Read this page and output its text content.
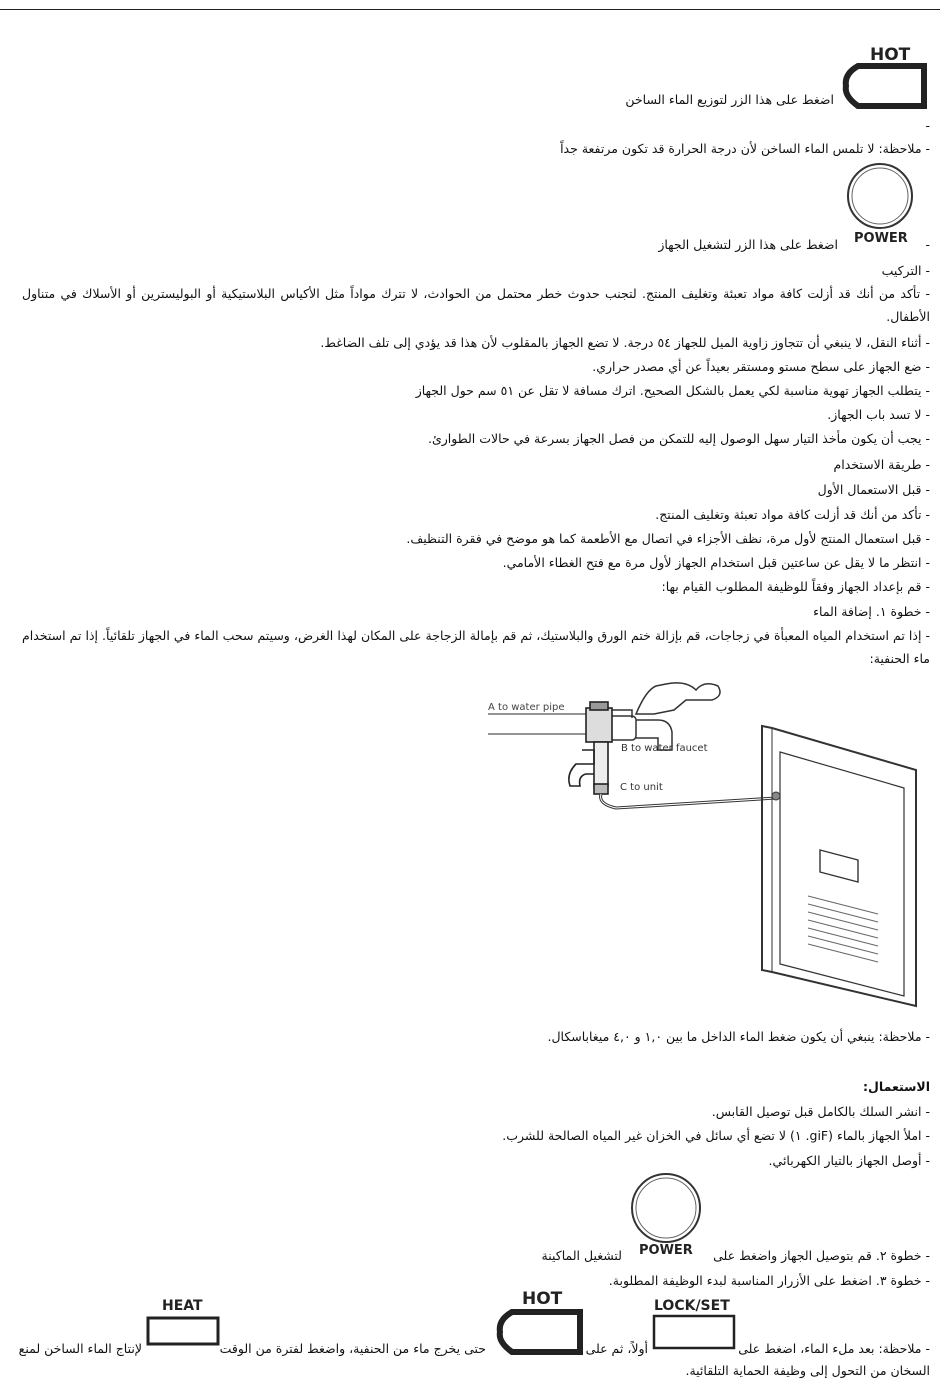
HOT
اضغط على هذا الزر لتوزيع الماء الساخن
-
- ملاحظة: لا تلمس الماء الساخن لأن درجة الحرارة قد تكون مرتفعة جداً
POWER -
اضغط على هذا الزر لتشغيل الجهاز
- التركيب
- تأكد من أنك قد أزلت كافة مواد تعبئة وتغليف المنتج. لتجنب حدوث خطر محتمل من الحوادث، لا تترك مواداً مثل الأكياس البلاستيكية أو البوليسترين أو الأسلاك في متناول الأطفال.
- أثناء النقل، لا ينبغي أن تتجاوز زاوية الميل للجهاز ٥٤ درجة. لا تضع الجهاز بالمقلوب لأن هذا قد يؤدي إلى تلف الضاغط.
- ضع الجهاز على سطح مستو ومستقر بعيداً عن أي مصدر حراري.
- يتطلب الجهاز تهوية مناسبة لكي يعمل بالشكل الصحيح. اترك مسافة لا تقل عن ٥١ سم حول الجهاز
- لا تسد باب الجهاز.
- يجب أن يكون مأخذ التيار سهل الوصول إليه للتمكن من فصل الجهاز بسرعة في حالات الطوارئ.
- طريقة الاستخدام
- قبل الاستعمال الأول
- تأكد من أنك قد أزلت كافة مواد تعبئة وتغليف المنتج.
- قبل استعمال المنتج لأول مرة، نظف الأجزاء في اتصال مع الأطعمة كما هو موضح في فقرة التنظيف.
- انتظر ما لا يقل عن ساعتين قبل استخدام الجهاز لأول مرة مع فتح الغطاء الأمامي.
- قم بإعداد الجهاز وفقاً للوظيفة المطلوب القيام بها:
- خطوة ١. إضافة الماء
- إذا تم استخدام المياه المعبأة في زجاجات، قم بإزالة ختم الورق والبلاستيك، ثم قم بإمالة الزجاجة على المكان لهذا الغرض، وسيتم سحب الماء في الجهاز تلقائياً. إذا تم استخدام ماء الحنفية:
A to water pipe
B to water faucet
C to unit
- ملاحظة: ينبغي أن يكون ضغط الماء الداخل ما بين ١,٠ و ٤,٠ ميغاباسكال.
الاستعمال:
- انشر السلك بالكامل قبل توصيل القابس.
- املأ الجهاز بالماء (giF. ١) لا تضع أي سائل في الخزان غير المياه الصالحة للشرب.
- أوصل الجهاز بالتيار الكهربائي.
POWER - خطوة ٢. قم بتوصيل الجهاز واضغط على
لتشغيل الماكينة
- خطوة ٣. اضغط على الأزرار المناسبة لبدء الوظيفة المطلوبة.
HEAT	HOT	LOCK/SET
- ملاحظة: بعد ملء الماء، اضغط على
أولاً، ثم على
حتى يخرج ماء من الحنفية، واضغط لفترة من الوقت
لإنتاج الماء الساخن لمنع
السخان من التحول إلى وظيفة الحماية التلقائية.
